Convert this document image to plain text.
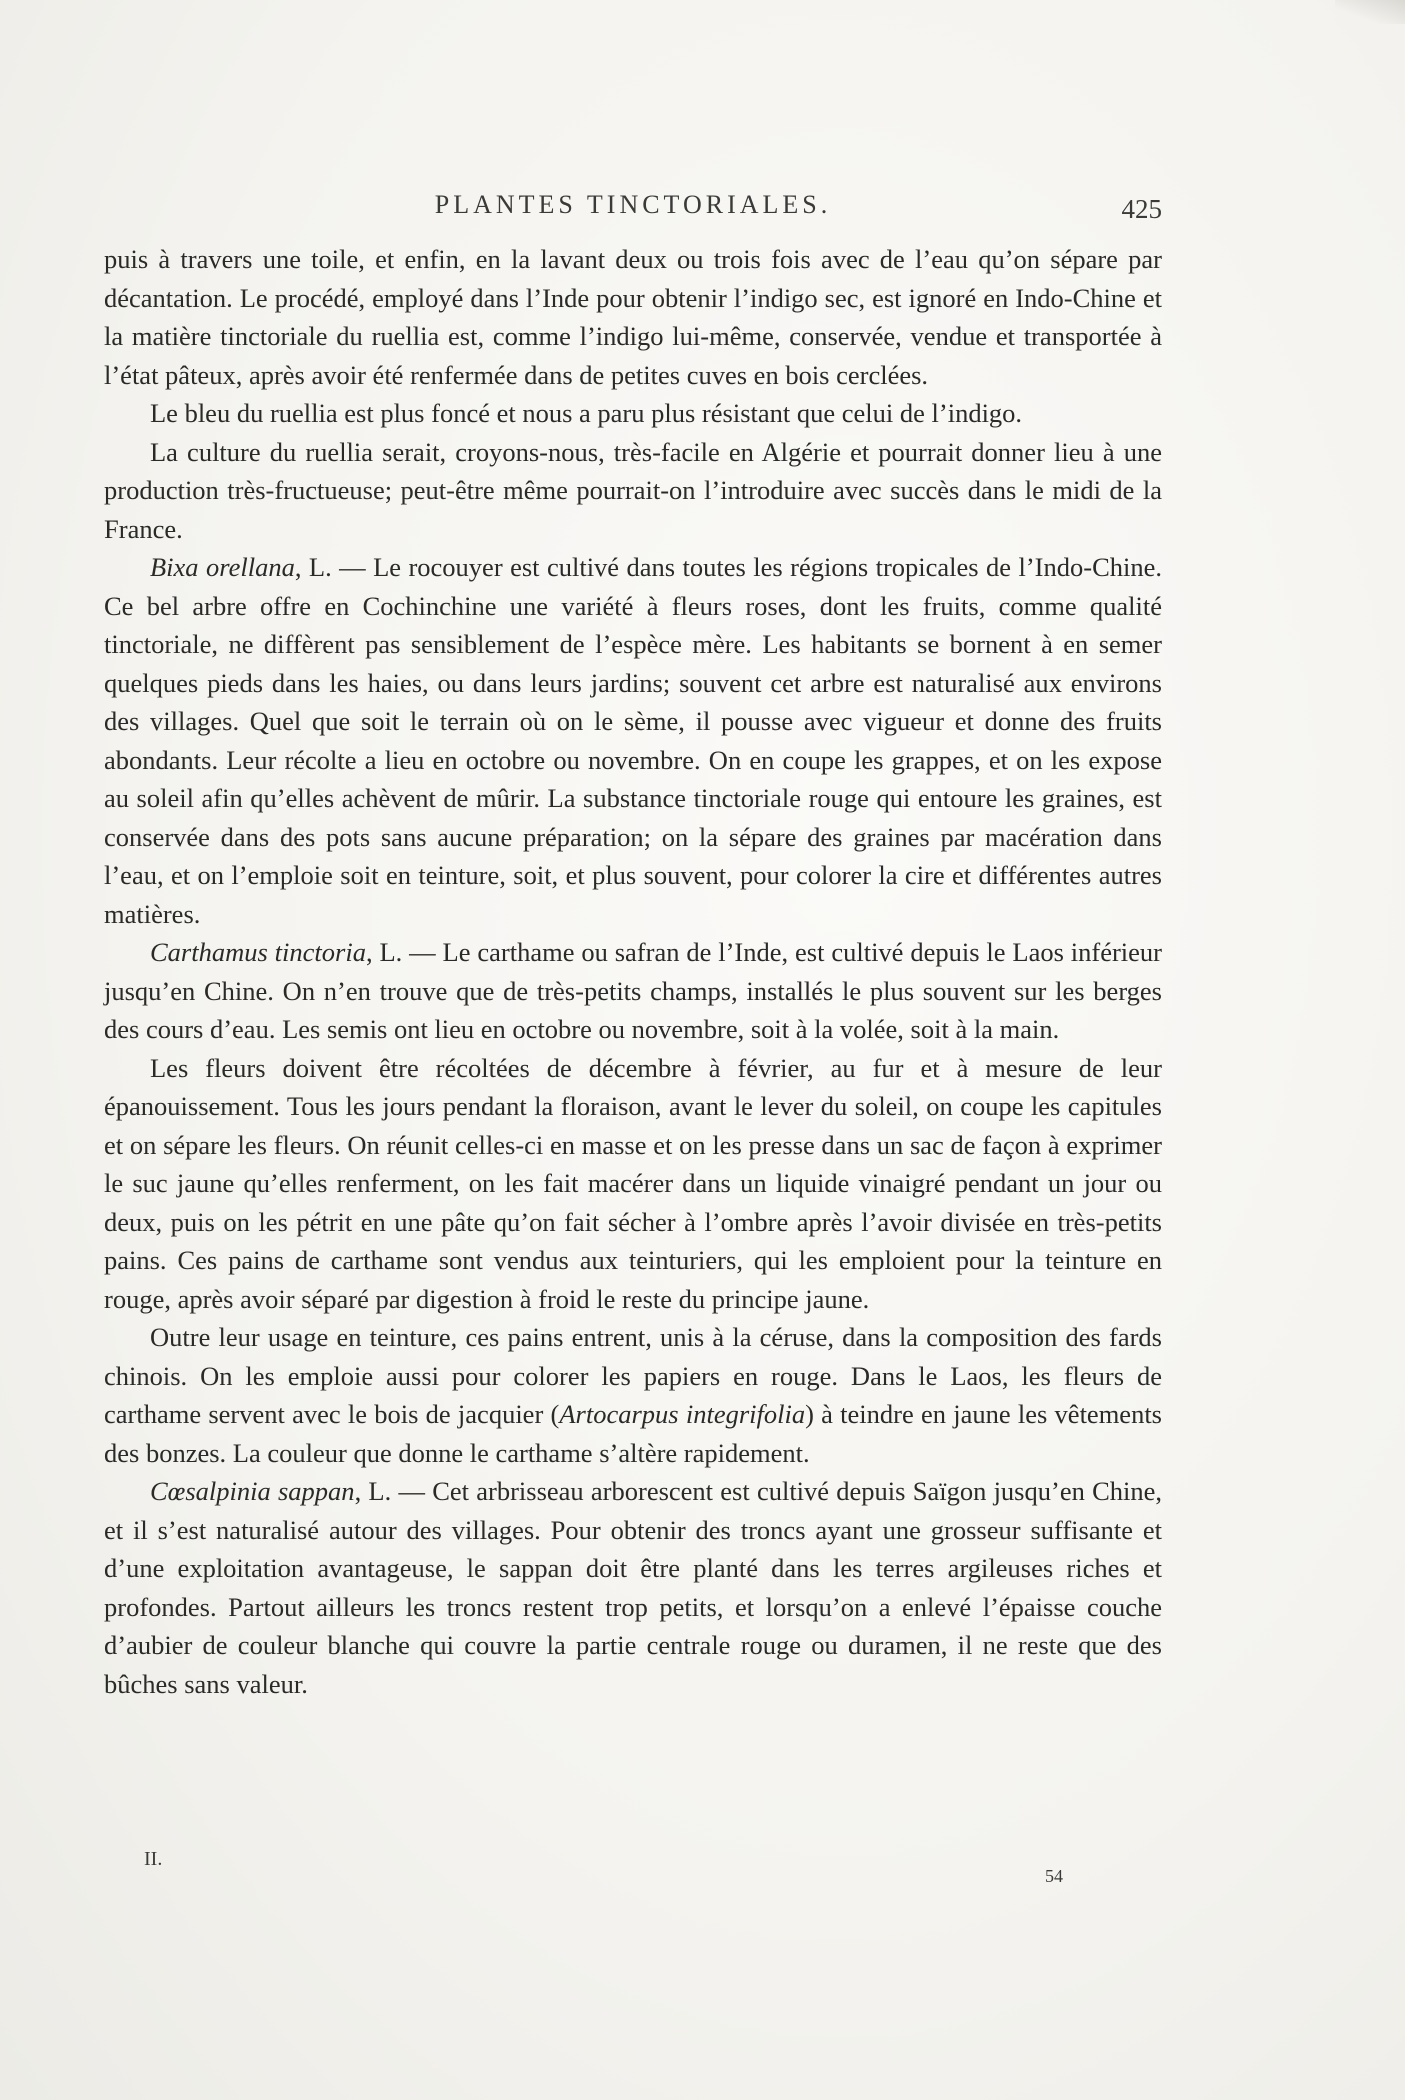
PLANTES TINCTORIALES.	425

puis à travers une toile, et enfin, en la lavant deux ou trois fois avec de l’eau qu’on sépare par décantation. Le procédé, employé dans l’Inde pour obtenir l’indigo sec, est ignoré en Indo-Chine et la matière tinctoriale du ruellia est, comme l’indigo lui-même, conservée, vendue et transportée à l’état pâteux, après avoir été renfermée dans de petites cuves en bois cerclées.

Le bleu du ruellia est plus foncé et nous a paru plus résistant que celui de l’indigo.

La culture du ruellia serait, croyons-nous, très-facile en Algérie et pourrait donner lieu à une production très-fructueuse; peut-être même pourrait-on l’introduire avec succès dans le midi de la France.

Bixa orellana, L. — Le rocouyer est cultivé dans toutes les régions tropicales de l’Indo-Chine. Ce bel arbre offre en Cochinchine une variété à fleurs roses, dont les fruits, comme qualité tinctoriale, ne diffèrent pas sensiblement de l’espèce mère. Les habitants se bornent à en semer quelques pieds dans les haies, ou dans leurs jardins; souvent cet arbre est naturalisé aux environs des villages. Quel que soit le terrain où on le sème, il pousse avec vigueur et donne des fruits abondants. Leur récolte a lieu en octobre ou novembre. On en coupe les grappes, et on les expose au soleil afin qu’elles achèvent de mûrir. La substance tinctoriale rouge qui entoure les graines, est conservée dans des pots sans aucune préparation; on la sépare des graines par macération dans l’eau, et on l’emploie soit en teinture, soit, et plus souvent, pour colorer la cire et différentes autres matières.

Carthamus tinctoria, L. — Le carthame ou safran de l’Inde, est cultivé depuis le Laos inférieur jusqu’en Chine. On n’en trouve que de très-petits champs, installés le plus souvent sur les berges des cours d’eau. Les semis ont lieu en octobre ou novembre, soit à la volée, soit à la main.

Les fleurs doivent être récoltées de décembre à février, au fur et à mesure de leur épanouissement. Tous les jours pendant la floraison, avant le lever du soleil, on coupe les capitules et on sépare les fleurs. On réunit celles-ci en masse et on les presse dans un sac de façon à exprimer le suc jaune qu’elles renferment, on les fait macérer dans un liquide vinaigré pendant un jour ou deux, puis on les pétrit en une pâte qu’on fait sécher à l’ombre après l’avoir divisée en très-petits pains. Ces pains de carthame sont vendus aux teinturiers, qui les emploient pour la teinture en rouge, après avoir séparé par digestion à froid le reste du principe jaune.

Outre leur usage en teinture, ces pains entrent, unis à la céruse, dans la composition des fards chinois. On les emploie aussi pour colorer les papiers en rouge. Dans le Laos, les fleurs de carthame servent avec le bois de jacquier (Artocarpus integrifolia) à teindre en jaune les vêtements des bonzes. La couleur que donne le carthame s’altère rapidement.

Cœsalpinia sappan, L. — Cet arbrisseau arborescent est cultivé depuis Saïgon jusqu’en Chine, et il s’est naturalisé autour des villages. Pour obtenir des troncs ayant une grosseur suffisante et d’une exploitation avantageuse, le sappan doit être planté dans les terres argileuses riches et profondes. Partout ailleurs les troncs restent trop petits, et lorsqu’on a enlevé l’épaisse couche d’aubier de couleur blanche qui couvre la partie centrale rouge ou duramen, il ne reste que des bûches sans valeur.

II.
54
